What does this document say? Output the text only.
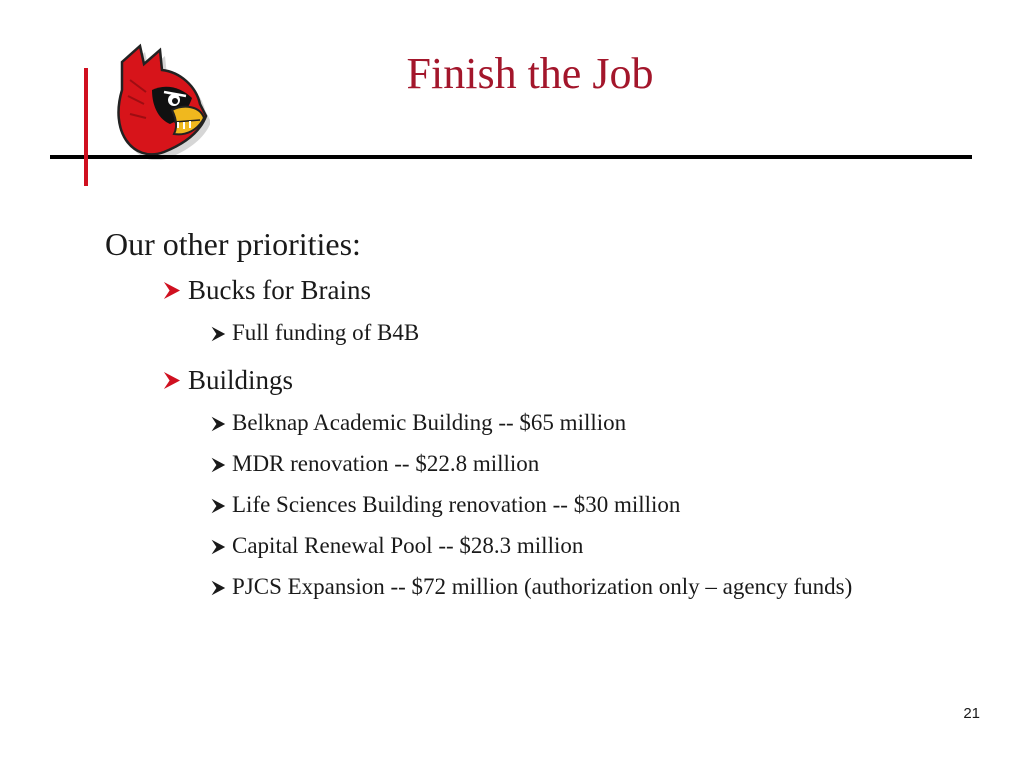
Finish the Job
Our other priorities:
Bucks for Brains
Full funding of B4B
Buildings
Belknap Academic Building -- $65 million
MDR renovation -- $22.8 million
Life Sciences Building renovation -- $30 million
Capital Renewal Pool -- $28.3 million
PJCS Expansion -- $72 million (authorization only – agency funds)
21
